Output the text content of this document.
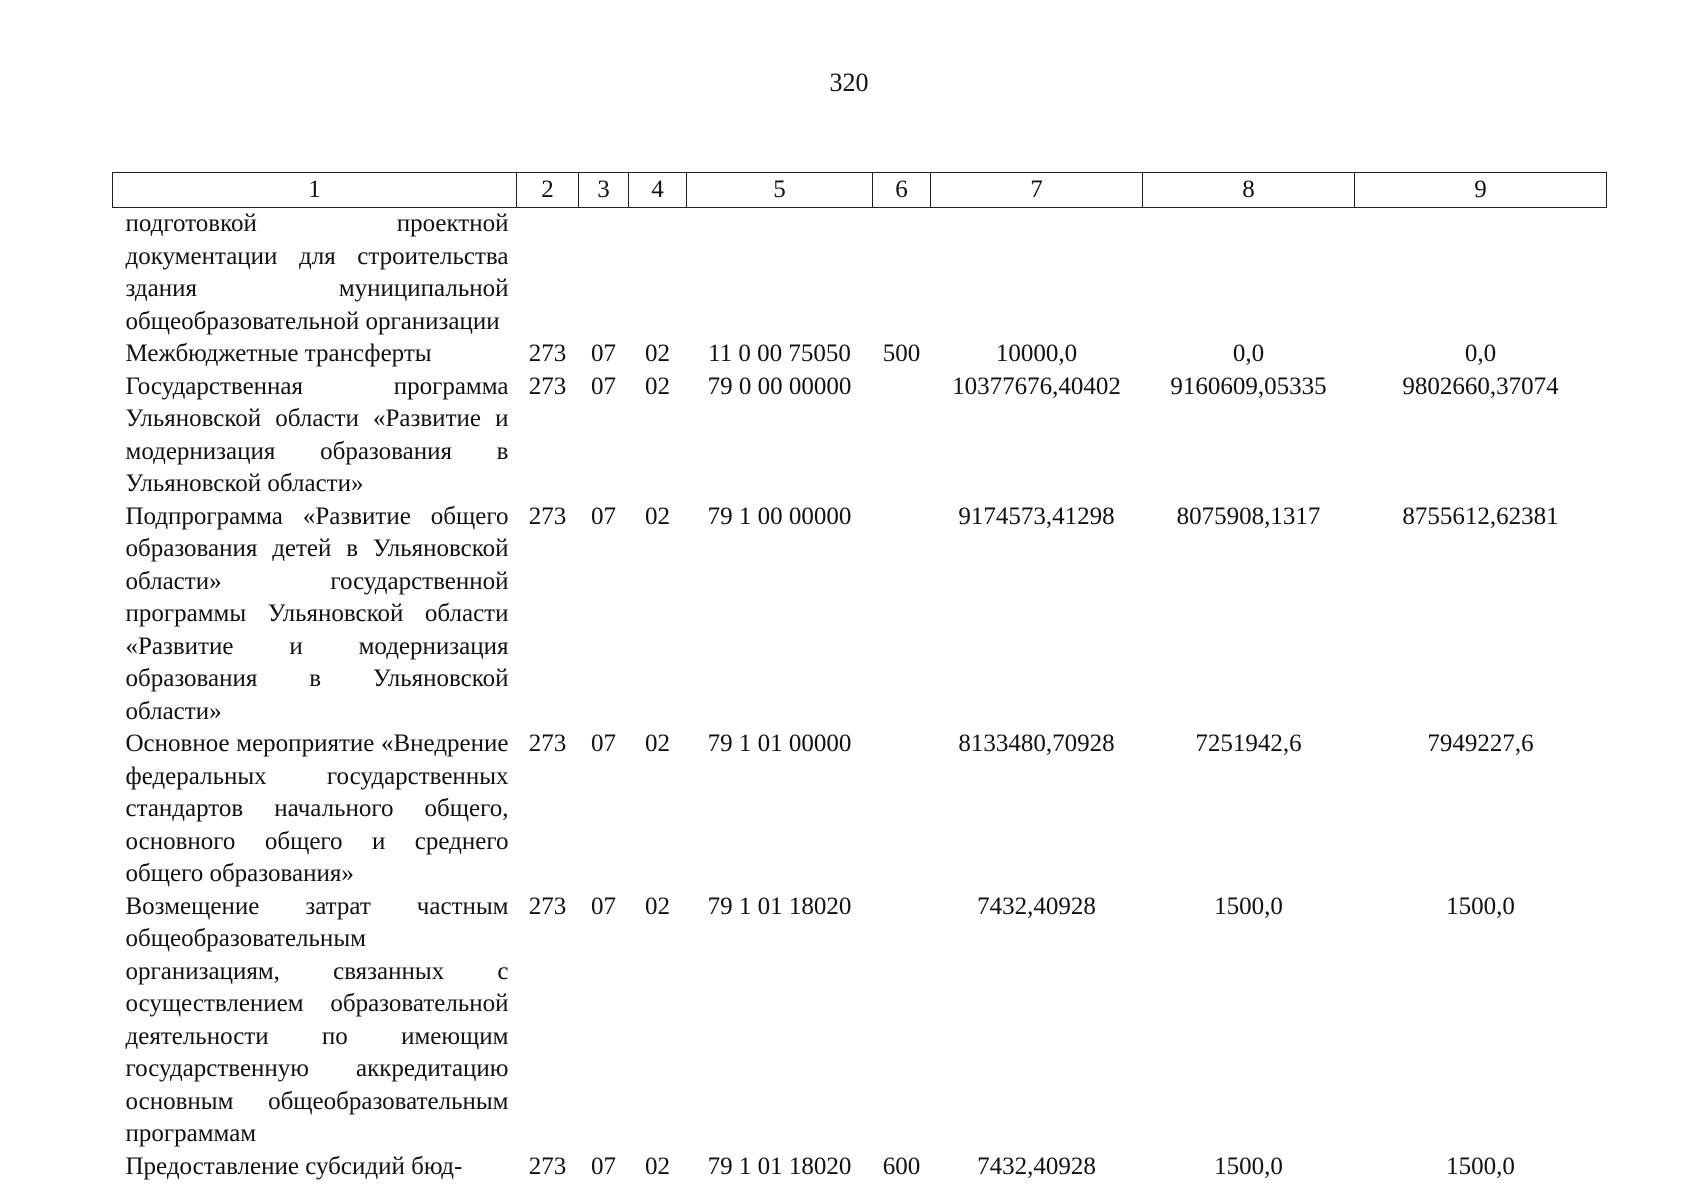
320
1	2	3	4	5	6	7	8	9
подготовкой проектной документации для строительства здания муниципальной общеобразовательной организации								
Межбюджетные трансферты	273	07	02	11 0 00 75050	500	10000,0	0,0	0,0
Государственная программа Ульяновской области «Развитие и модернизация образования в Ульяновской области»	273	07	02	79 0 00 00000		10377676,40402	9160609,05335	9802660,37074
Подпрограмма «Развитие общего образования детей в Ульяновской области» государственной программы Ульяновской области «Развитие и модернизация образования в Ульяновской области»	273	07	02	79 1 00 00000		9174573,41298	8075908,1317	8755612,62381
Основное мероприятие «Внедрение федеральных государственных стандартов начального общего, основного общего и среднего общего образования»	273	07	02	79 1 01 00000		8133480,70928	7251942,6	7949227,6
Возмещение затрат частным общеобразовательным организациям, связанных с осуществлением образовательной деятельности по имеющим государственную аккредитацию основным общеобразовательным программам	273	07	02	79 1 01 18020		7432,40928	1500,0	1500,0
Предоставление субсидий бюд-	273	07	02	79 1 01 18020	600	7432,40928	1500,0	1500,0
